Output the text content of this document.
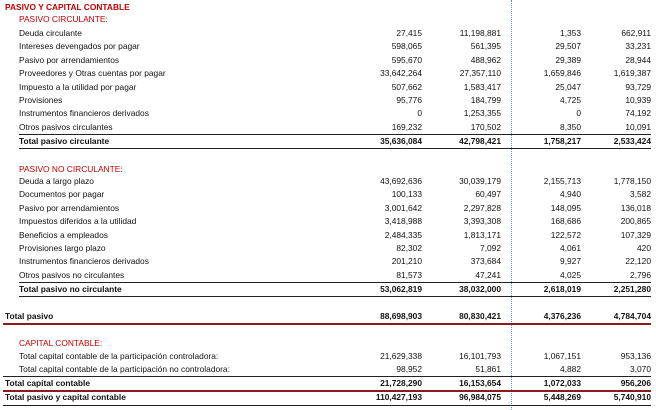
PASIVO Y CAPITAL CONTABLE
PASIVO CIRCULANTE:
Deuda circulante	27,415	11,198,881	1,353	662,911
Intereses devengados por pagar	598,065	561,395	29,507	33,231
Pasivo por arrendamientos	595,670	488,962	29,389	28,944
Proveedores y Otras cuentas por pagar	33,642,264	27,357,110	1,659,846	1,619,387
Impuesto a la utilidad por pagar	507,662	1,583,417	25,047	93,729
Provisiones	95,776	184,799	4,725	10,939
Instrumentos financieros derivados	0	1,253,355	0	74,192
Otros pasivos circulantes	169,232	170,502	8,350	10,091
Total pasivo circulante	35,636,084	42,798,421	1,758,217	2,533,424
PASIVO NO CIRCULANTE:
Deuda a largo plazo	43,692,636	30,039,179	2,155,713	1,778,150
Documentos por pagar	100,133	60,497	4,940	3,582
Pasivo por arrendamientos	3,001,642	2,297,828	148,095	136,018
Impuestos diferidos a la utilidad	3,418,988	3,393,308	168,686	200,865
Beneficios a empleados	2,484,335	1,813,171	122,572	107,329
Provisiones largo plazo	82,302	7,092	4,061	420
Instrumentos financieros derivados	201,210	373,684	9,927	22,120
Otros pasivos no circulantes	81,573	47,241	4,025	2,796
Total pasivo no circulante	53,062,819	38,032,000	2,618,019	2,251,280
Total pasivo	88,698,903	80,830,421	4,376,236	4,784,704
CAPITAL CONTABLE:
Total capital contable de la participación controladora:	21,629,338	16,101,793	1,067,151	953,136
Total capital contable de la participación no controladora:	98,952	51,861	4,882	3,070
Total capital contable	21,728,290	16,153,654	1,072,033	956,206
Total pasivo y capital contable	110,427,193	96,984,075	5,448,269	5,740,910
